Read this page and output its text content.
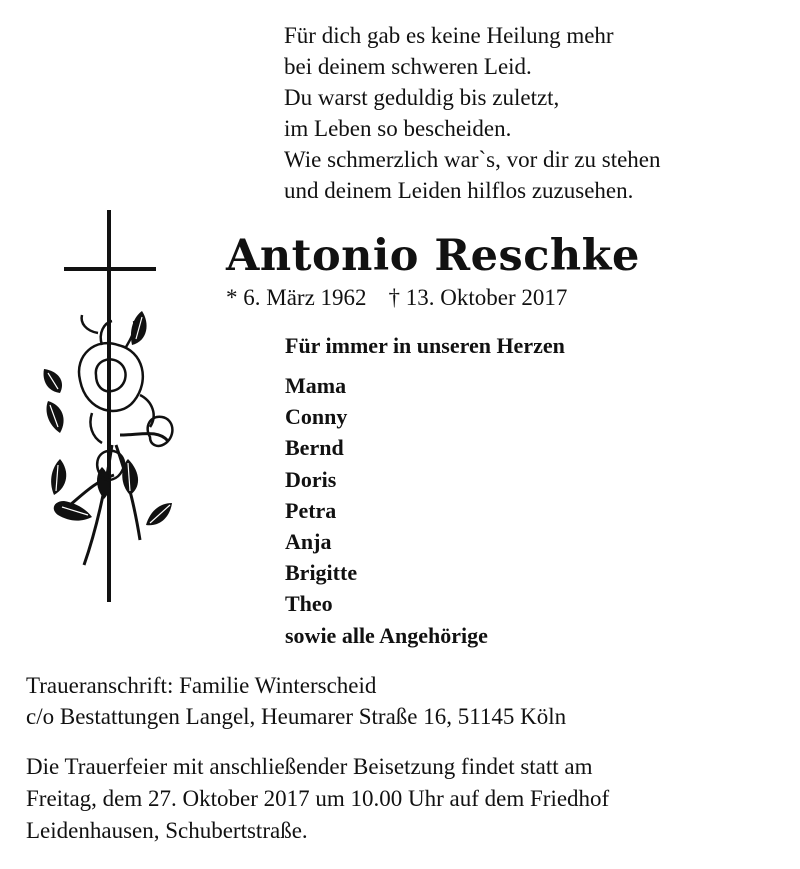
Für dich gab es keine Heilung mehr
bei deinem schweren Leid.
Du warst geduldig bis zuletzt,
im Leben so bescheiden.
Wie schmerzlich war`s, vor dir zu stehen
und deinem Leiden hilflos zuzusehen.
Antonio Reschke
* 6. März 1962 † 13. Oktober 2017
Für immer in unseren Herzen
Mama
Conny
Bernd
Doris
Petra
Anja
Brigitte
Theo
sowie alle Angehörige
Traueranschrift: Familie Winterscheid
c/o Bestattungen Langel, Heumarer Straße 16, 51145 Köln
Die Trauerfeier mit anschließender Beisetzung findet statt am
Freitag, dem 27. Oktober 2017 um 10.00 Uhr auf dem Friedhof
Leidenhausen, Schubertstraße.
